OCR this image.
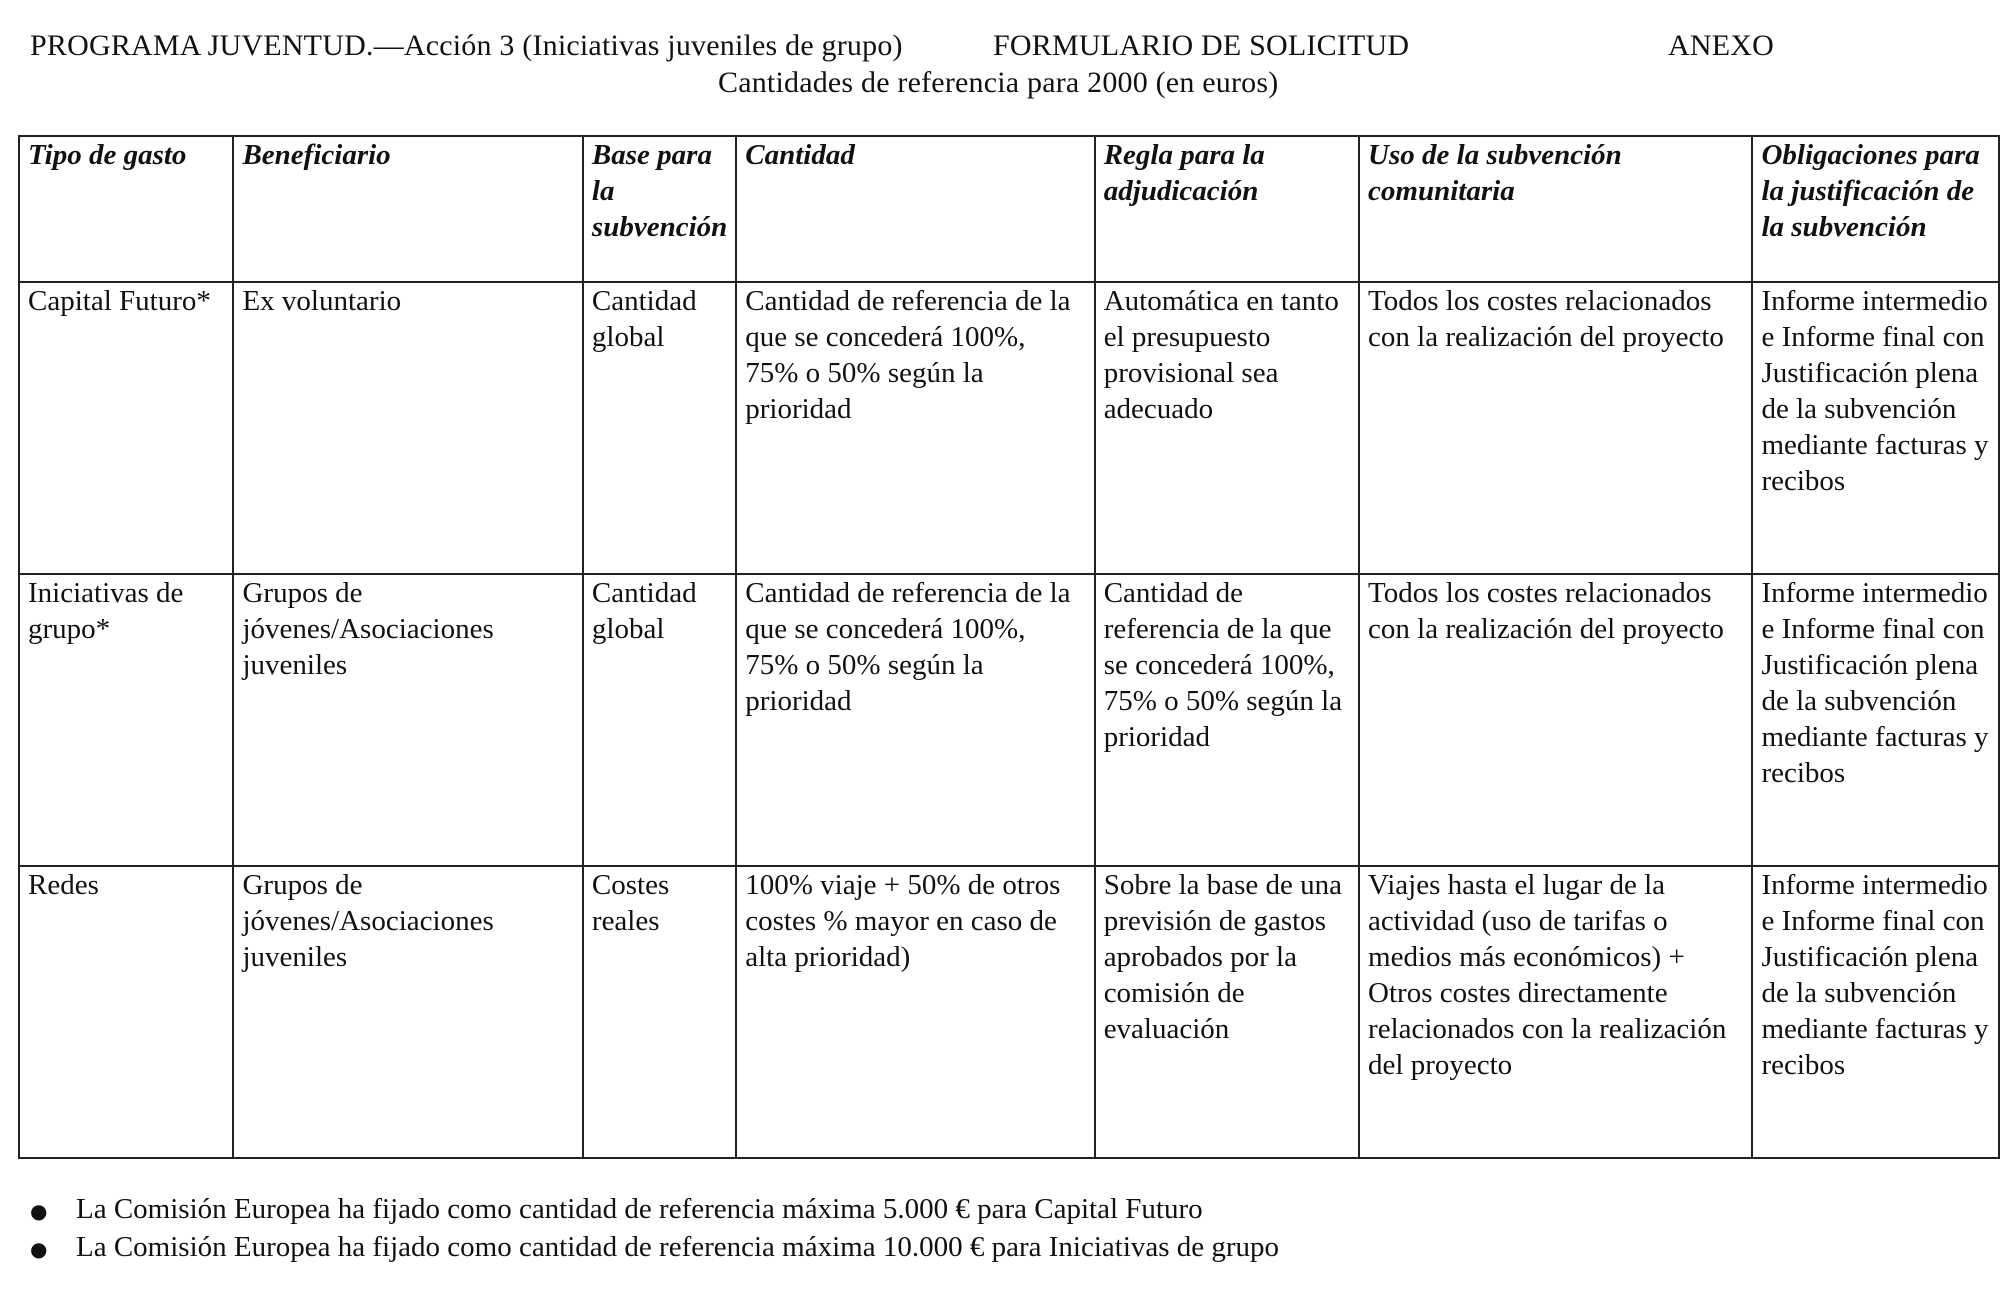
PROGRAMA JUVENTUD.—Acción 3 (Iniciativas juveniles de grupo)	FORMULARIO DE SOLICITUD	ANEXO
Cantidades de referencia para 2000 (en euros)
Tipo de gasto	Beneficiario	Base para la subvención	Cantidad	Regla para la adjudicación	Uso de la subvención comunitaria	Obligaciones para la justificación de la subvención
Capital Futuro*	Ex voluntario	Cantidad global	Cantidad de referencia de la que se concederá 100%, 75% o 50% según la prioridad	Automática en tanto el presupuesto provisional sea adecuado	Todos los costes relacionados con la realización del proyecto	Informe intermedio e Informe final con Justificación plena de la subvención mediante facturas y recibos
Iniciativas de grupo*	Grupos de jóvenes/Asociaciones juveniles	Cantidad global	Cantidad de referencia de la que se concederá 100%, 75% o 50% según la prioridad	Cantidad de referencia de la que se concederá 100%, 75% o 50% según la prioridad	Todos los costes relacionados con la realización del proyecto	Informe intermedio e Informe final con Justificación plena de la subvención mediante facturas y recibos
Redes	Grupos de jóvenes/Asociaciones juveniles	Costes reales	100% viaje + 50% de otros costes % mayor en caso de alta prioridad)	Sobre la base de una previsión de gastos aprobados por la comisión de evaluación	Viajes hasta el lugar de la actividad (uso de tarifas o medios más económicos) + Otros costes directamente relacionados con la realización del proyecto	Informe intermedio e Informe final con Justificación plena de la subvención mediante facturas y recibos
● La Comisión Europea ha fijado como cantidad de referencia máxima 5.000 € para Capital Futuro
● La Comisión Europea ha fijado como cantidad de referencia máxima 10.000 € para Iniciativas de grupo
